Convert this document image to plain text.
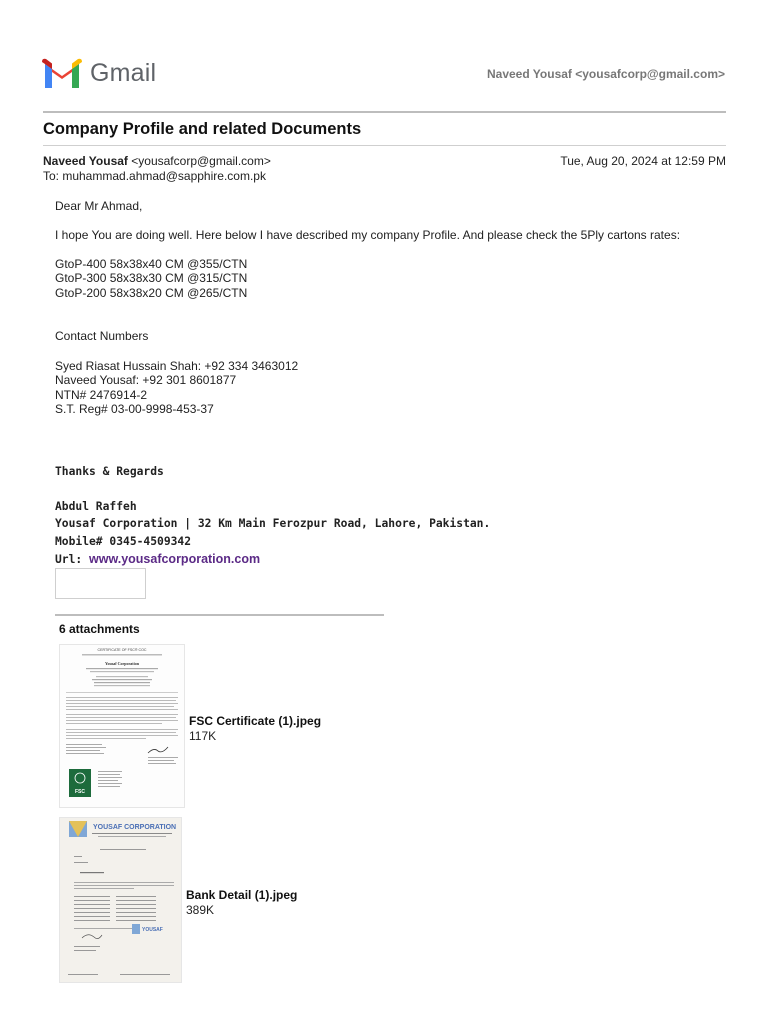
Gmail	Naveed Yousaf <yousafcorp@gmail.com>
Company Profile and related Documents
Naveed Yousaf <yousafcorp@gmail.com>	Tue, Aug 20, 2024 at 12:59 PM
To: muhammad.ahmad@sapphire.com.pk
Dear Mr Ahmad,
I hope You are doing well. Here below I have described my company Profile. And please check the 5Ply cartons rates:
GtoP-400 58x38x40 CM @355/CTN
GtoP-300 58x38x30 CM @315/CTN
GtoP-200 58x38x20 CM @265/CTN
Contact Numbers
Syed Riasat Hussain Shah: +92 334 3463012
Naveed Yousaf: +92 301 8601877
NTN# 2476914-2
S.T. Reg# 03-00-9998-453-37
Thanks & Regards
Abdul Raffeh
Yousaf Corporation | 32 Km Main Ferozpur Road, Lahore, Pakistan.
Mobile# 0345-4509342
Url: www.yousafcorporation.com
6 attachments
CERTIFICATE OF FSC® COC
Yousaf Corporation
FSC
FSC Certificate (1).jpeg
117K
YOUSAF CORPORATION
YOUSAF
Bank Detail (1).jpeg
389K
